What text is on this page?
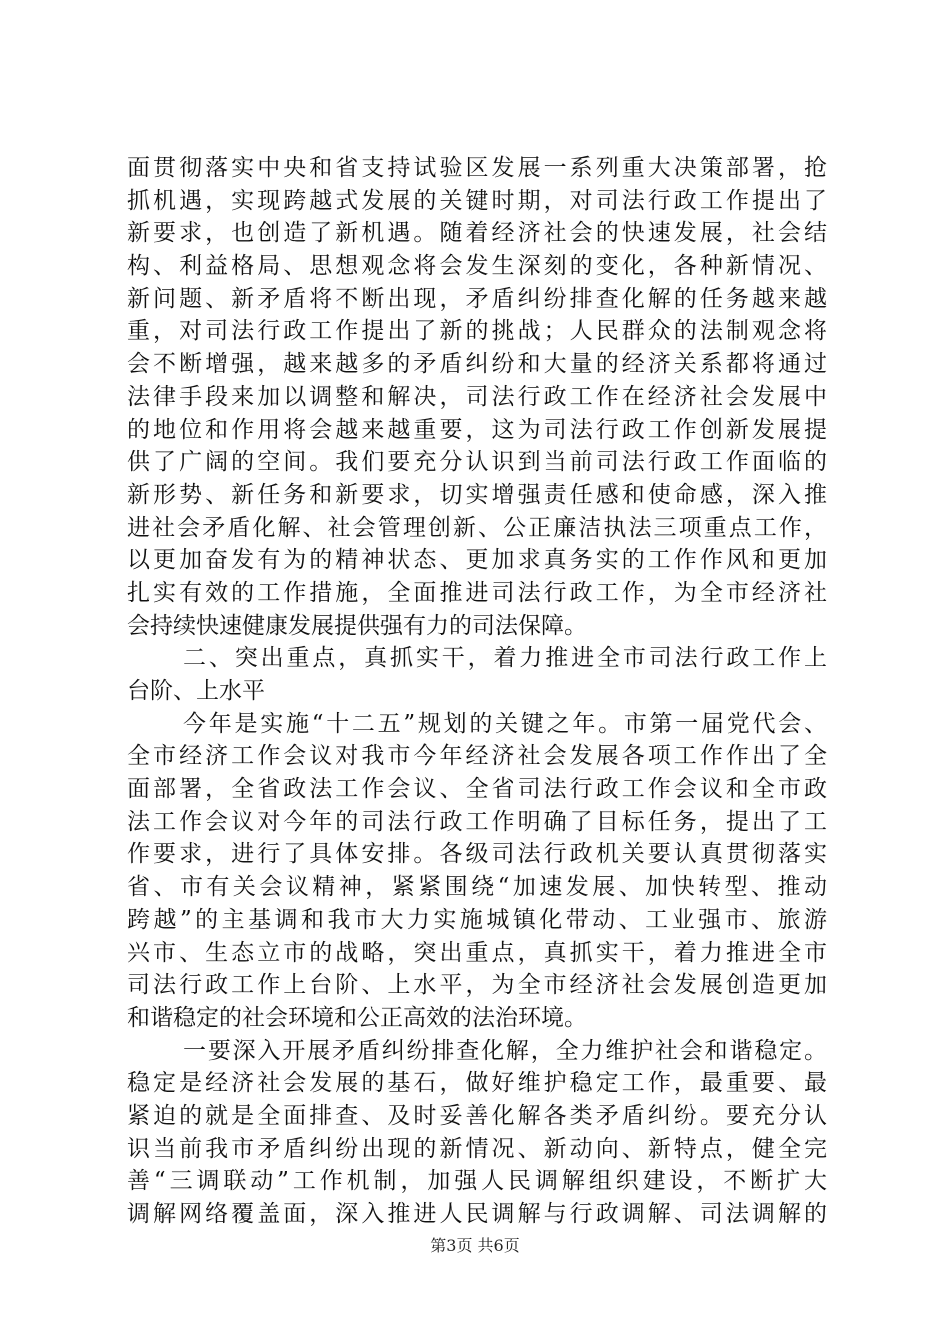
面贯彻落实中央和省支持试验区发展一系列重大决策部署，抢
抓机遇，实现跨越式发展的关键时期，对司法行政工作提出了
新要求，也创造了新机遇。随着经济社会的快速发展，社会结
构、利益格局、思想观念将会发生深刻的变化，各种新情况、
新问题、新矛盾将不断出现，矛盾纠纷排查化解的任务越来越
重，对司法行政工作提出了新的挑战；人民群众的法制观念将
会不断增强，越来越多的矛盾纠纷和大量的经济关系都将通过
法律手段来加以调整和解决，司法行政工作在经济社会发展中
的地位和作用将会越来越重要，这为司法行政工作创新发展提
供了广阔的空间。我们要充分认识到当前司法行政工作面临的
新形势、新任务和新要求，切实增强责任感和使命感，深入推
进社会矛盾化解、社会管理创新、公正廉洁执法三项重点工作，
以更加奋发有为的精神状态、更加求真务实的工作作风和更加
扎实有效的工作措施，全面推进司法行政工作，为全市经济社
会持续快速健康发展提供强有力的司法保障。
二、突出重点，真抓实干，着力推进全市司法行政工作上
台阶、上水平
今年是实施“十二五”规划的关键之年。市第一届党代会、
全市经济工作会议对我市今年经济社会发展各项工作作出了全
面部署，全省政法工作会议、全省司法行政工作会议和全市政
法工作会议对今年的司法行政工作明确了目标任务，提出了工
作要求，进行了具体安排。各级司法行政机关要认真贯彻落实
省、市有关会议精神，紧紧围绕“加速发展、加快转型、推动
跨越”的主基调和我市大力实施城镇化带动、工业强市、旅游
兴市、生态立市的战略，突出重点，真抓实干，着力推进全市
司法行政工作上台阶、上水平，为全市经济社会发展创造更加
和谐稳定的社会环境和公正高效的法治环境。
一要深入开展矛盾纠纷排查化解，全力维护社会和谐稳定。
稳定是经济社会发展的基石，做好维护稳定工作，最重要、最
紧迫的就是全面排查、及时妥善化解各类矛盾纠纷。要充分认
识当前我市矛盾纠纷出现的新情况、新动向、新特点，健全完
善“三调联动”工作机制，加强人民调解组织建设，不断扩大
调解网络覆盖面，深入推进人民调解与行政调解、司法调解的
第3页 共6页
